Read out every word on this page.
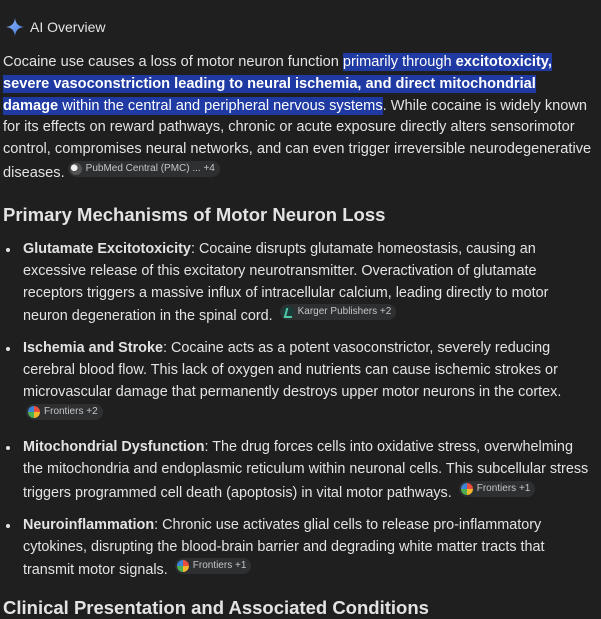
AI Overview
Cocaine use causes a loss of motor neuron function primarily through excitotoxicity, severe vasoconstriction leading to neural ischemia, and direct mitochondrial damage within the central and peripheral nervous systems. While cocaine is widely known for its effects on reward pathways, chronic or acute exposure directly alters sensorimotor control, compromises neural networks, and can even trigger irreversible neurodegenerative diseases. PubMed Central (PMC) ... +4
Primary Mechanisms of Motor Neuron Loss
Glutamate Excitotoxicity: Cocaine disrupts glutamate homeostasis, causing an excessive release of this excitatory neurotransmitter. Overactivation of glutamate receptors triggers a massive influx of intracellular calcium, leading directly to motor neuron degeneration in the spinal cord.	Karger Publishers +2
Ischemia and Stroke: Cocaine acts as a potent vasoconstrictor, severely reducing cerebral blood flow. This lack of oxygen and nutrients can cause ischemic strokes or microvascular damage that permanently destroys upper motor neurons in the cortex.
Frontiers +2
Mitochondrial Dysfunction: The drug forces cells into oxidative stress, overwhelming the mitochondria and endoplasmic reticulum within neuronal cells. This subcellular stress triggers programmed cell death (apoptosis) in vital motor pathways.	Frontiers +1
Neuroinflammation: Chronic use activates glial cells to release pro-inflammatory cytokines, disrupting the blood-brain barrier and degrading white matter tracts that transmit motor signals.	Frontiers +1
Clinical Presentation and Associated Conditions
